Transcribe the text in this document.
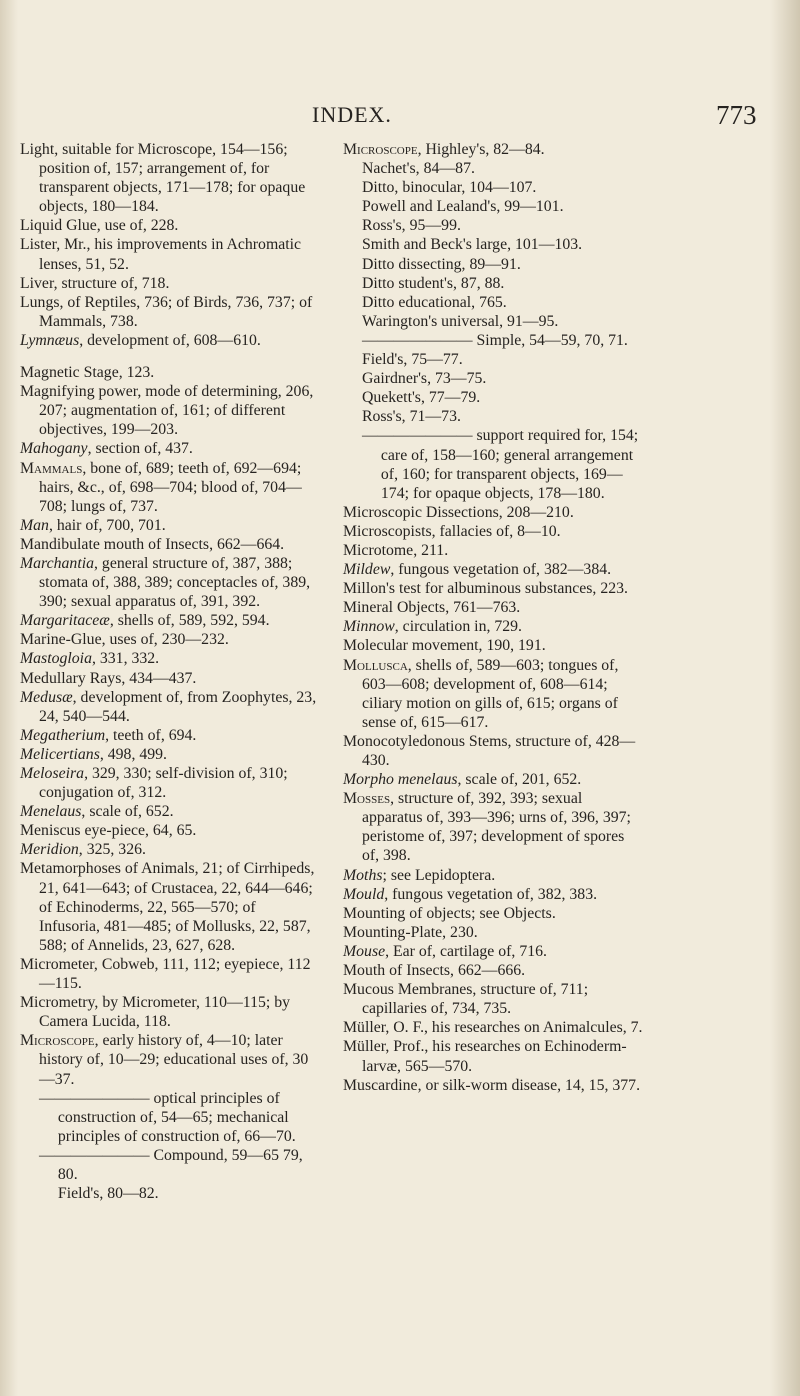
INDEX.	773

Light, suitable for Microscope, 154—156; position of, 157; arrangement of, for transparent objects, 171—178; for opaque objects, 180—184.

Liquid Glue, use of, 228.

Lister, Mr., his improvements in Achromatic lenses, 51, 52.

Liver, structure of, 718.

Lungs, of Reptiles, 736; of Birds, 736, 737; of Mammals, 738.

Lymnæus, development of, 608—610.

Magnetic Stage, 123.

Magnifying power, mode of determining, 206, 207; augmentation of, 161; of different objectives, 199—203.

Mahogany, section of, 437.

Mammals, bone of, 689; teeth of, 692—694; hairs, &c., of, 698—704; blood of, 704—708; lungs of, 737.

Man, hair of, 700, 701.

Mandibulate mouth of Insects, 662—664.

Marchantia, general structure of, 387, 388; stomata of, 388, 389; conceptacles of, 389, 390; sexual apparatus of, 391, 392.

Margaritaceæ, shells of, 589, 592, 594.

Marine-Glue, uses of, 230—232.

Mastogloia, 331, 332.

Medullary Rays, 434—437.

Medusæ, development of, from Zoophytes, 23, 24, 540—544.

Megatherium, teeth of, 694.

Melicertians, 498, 499.

Meloseira, 329, 330; self-division of, 310; conjugation of, 312.

Menelaus, scale of, 652.

Meniscus eye-piece, 64, 65.

Meridion, 325, 326.

Metamorphoses of Animals, 21; of Cirrhipeds, 21, 641—643; of Crustacea, 22, 644—646; of Echinoderms, 22, 565—570; of Infusoria, 481—485; of Mollusks, 22, 587, 588; of Annelids, 23, 627, 628.

Micrometer, Cobweb, 111, 112; eyepiece, 112—115.

Micrometry, by Micrometer, 110—115; by Camera Lucida, 118.

Microscope, early history of, 4—10; later history of, 10—29; educational uses of, 30—37.

——————— optical principles of construction of, 54—65; mechanical principles of construction of, 66—70.

——————— Compound, 59—65 79, 80.

Field's, 80—82.

Microscope, Highley's, 82—84.

Nachet's, 84—87.

Ditto, binocular, 104—107.

Powell and Lealand's, 99—101.

Ross's, 95—99.

Smith and Beck's large, 101—103.

Ditto dissecting, 89—91.

Ditto student's, 87, 88.

Ditto educational, 765.

Warington's universal, 91—95.

——————— Simple, 54—59, 70, 71.

Field's, 75—77.

Gairdner's, 73—75.

Quekett's, 77—79.

Ross's, 71—73.

——————— support required for, 154; care of, 158—160; general arrangement of, 160; for transparent objects, 169—174; for opaque objects, 178—180.

Microscopic Dissections, 208—210.

Microscopists, fallacies of, 8—10.

Microtome, 211.

Mildew, fungous vegetation of, 382—384.

Millon's test for albuminous substances, 223.

Mineral Objects, 761—763.

Minnow, circulation in, 729.

Molecular movement, 190, 191.

Mollusca, shells of, 589—603; tongues of, 603—608; development of, 608—614; ciliary motion on gills of, 615; organs of sense of, 615—617.

Monocotyledonous Stems, structure of, 428—430.

Morpho menelaus, scale of, 201, 652.

Mosses, structure of, 392, 393; sexual apparatus of, 393—396; urns of, 396, 397; peristome of, 397; development of spores of, 398.

Moths; see Lepidoptera.

Mould, fungous vegetation of, 382, 383.

Mounting of objects; see Objects.

Mounting-Plate, 230.

Mouse, Ear of, cartilage of, 716.

Mouth of Insects, 662—666.

Mucous Membranes, structure of, 711; capillaries of, 734, 735.

Müller, O. F., his researches on Animalcules, 7.

Müller, Prof., his researches on Echinoderm-larvæ, 565—570.

Muscardine, or silk-worm disease, 14, 15, 377.
